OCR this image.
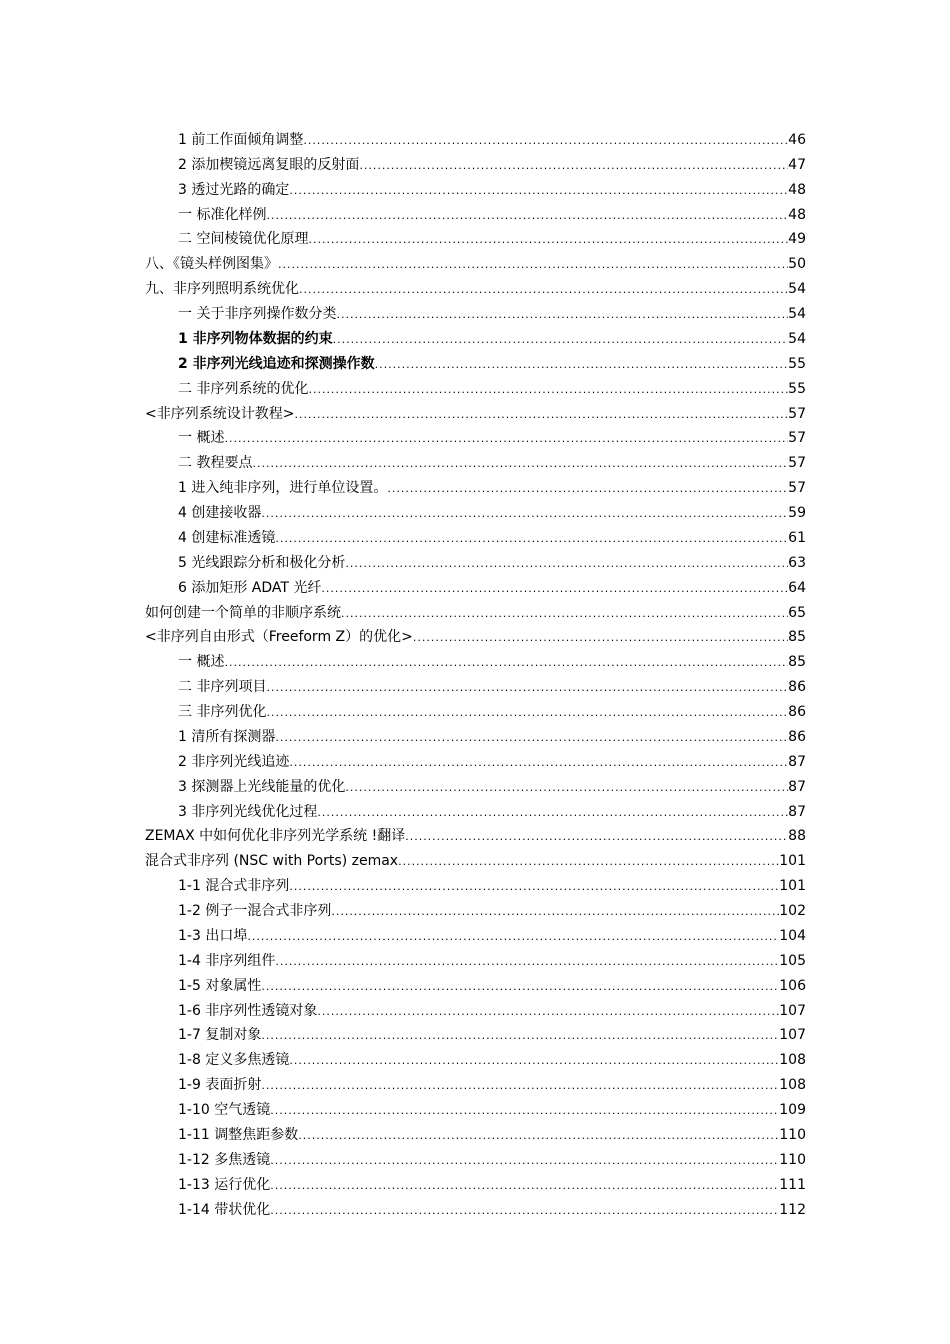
1 前工作面倾角调整 .....	46
2 添加楔镜远离复眼的反射面 .....	47
3 透过光路的确定 .....	48
一 标准化样例 .....	48
二 空间棱镜优化原理 .....	49
八、《镜头样例图集》 .....	50
九、非序列照明系统优化 .....	54
一 关于非序列操作数分类 .....	54
1 非序列物体数据的约束 .....	54
2 非序列光线追迹和探测操作数 .....	55
二 非序列系统的优化 .....	55
<非序列系统设计教程> .....	57
一 概述 .....	57
二 教程要点 .....	57
1 进入纯非序列，进行单位设置。 .....	57
4 创建接收器 .....	59
4 创建标准透镜 .....	61
5 光线跟踪分析和极化分析 .....	63
6 添加矩形 ADAT 光纤 .....	64
如何创建一个简单的非顺序系统 .....	65
<非序列自由形式（Freeform Z）的优化> .....	85
一 概述 .....	85
二 非序列项目 .....	86
三 非序列优化 .....	86
1 清所有探测器 .....	86
2 非序列光线追迹 .....	87
3 探测器上光线能量的优化 .....	87
3 非序列光线优化过程 .....	87
ZEMAX 中如何优化非序列光学系统 !翻译 .....	88
混合式非序列 (NSC with Ports) zemax .....	101
1-1 混合式非序列 .....	101
1-2 例子一混合式非序列 .....	102
1-3 出口埠 .....	104
1-4 非序列组件 .....	105
1-5 对象属性 .....	106
1-6 非序列性透镜对象 .....	107
1-7 复制对象 .....	107
1-8 定义多焦透镜 .....	108
1-9 表面折射 .....	108
1-10 空气透镜 .....	109
1-11 调整焦距参数 .....	110
1-12 多焦透镜 .....	110
1-13 运行优化 .....	111
1-14 带状优化 .....	112
